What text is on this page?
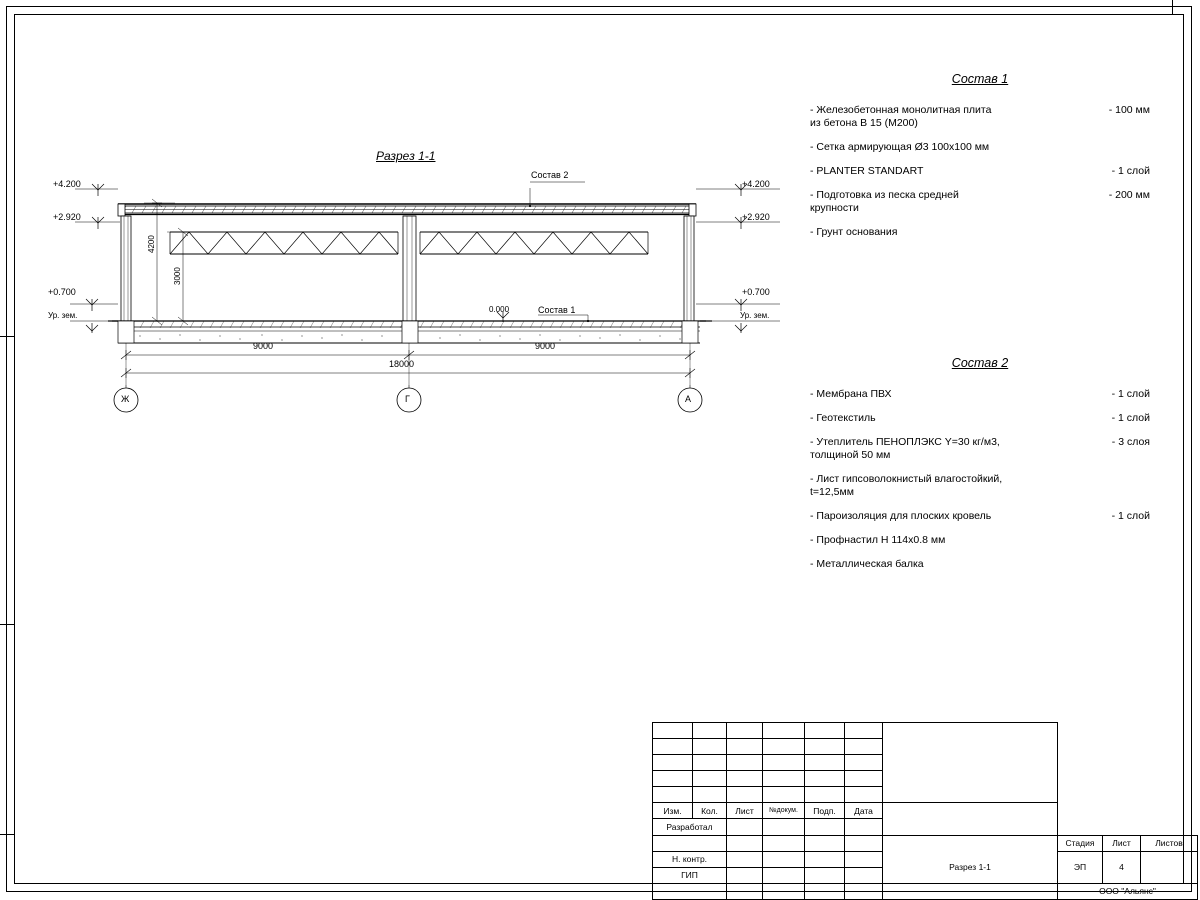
Разрез 1-1
+4.200
+2.920
+0.700
Ур. зем.
+4.200
+2.920
+0.700
Ур. зем.
0.000
4200
3000
9000	9000
18000
Ж	Г	А
Состав 2
Состав 1
Состав 1
- Железобетонная монолитная плита
из бетона B 15 (M200)
- 100 мм
- Сетка армирующая Ø3 100x100 мм
- PLANTER STANDART	- 1 слой
- Подготовка из песка средней
крупности
- 200 мм
- Грунт основания
Состав 2
- Мембрана ПВХ	- 1 слой
- Геотекстиль	- 1 слой
- Утеплитель ПЕНОПЛЭКС Y=30 кг/м3,
толщиной 50 мм
- 3 слоя
- Лист гипсоволокнистый влагостойкий,
t=12,5мм
- Пароизоляция для плоских кровель	- 1 слой
- Профнастил H 114x0.8 мм
- Металлическая балка

Изм.	Кол.	Лист	№докум.	Подп.	Дата				
Разработал									
						Разрез 1-1	Стадия	Лист	Листов
Н. контр.							ЭП	4	
ГИП									
							ООО "Альянс"		
